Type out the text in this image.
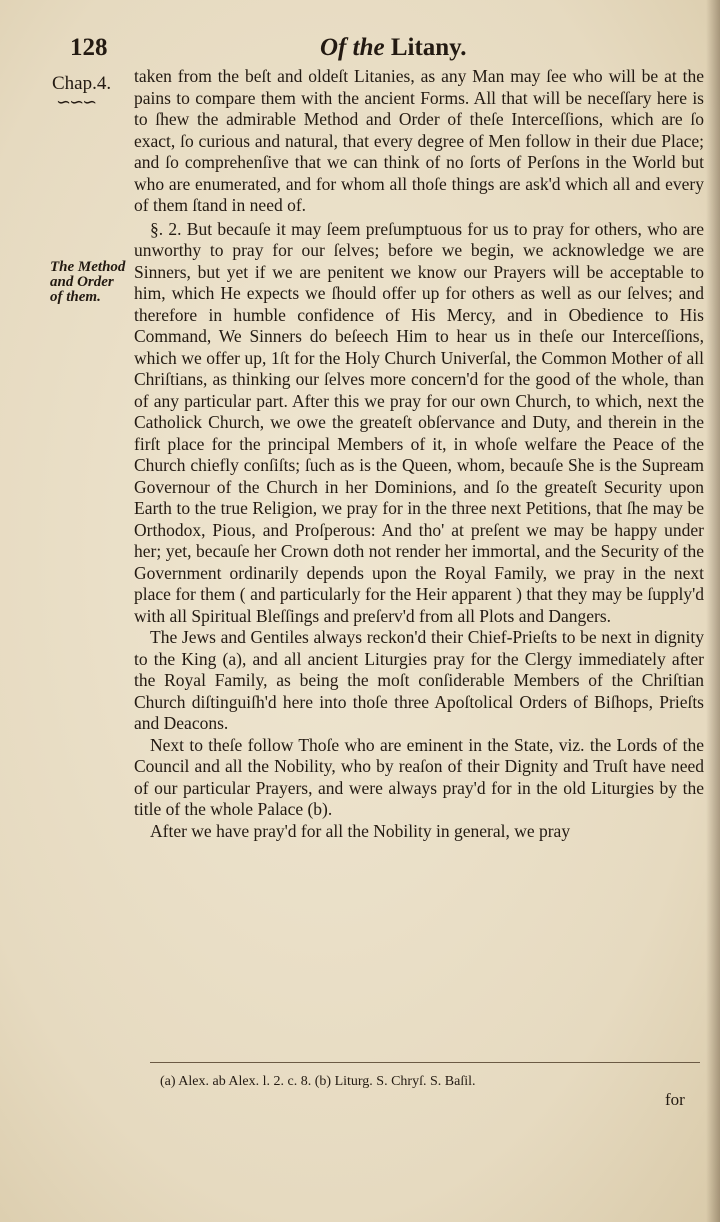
128	Of the Litany.
Chap.4.
∽∽∽
The Method
and Order
of them.

taken from the beſt and oldeſt Litanies, as any Man may ſee who will be at the pains to compare them with the ancient Forms. All that will be neceſſary here is to ſhew the admirable Method and Order of theſe Interceſſions, which are ſo exact, ſo curious and natural, that every degree of Men follow in their due Place; and ſo comprehenſive that we can think of no ſorts of Perſons in the World but who are enumerated, and for whom all thoſe things are ask'd which all and every of them ſtand in need of.

§. 2. But becauſe it may ſeem preſumptuous for us to pray for others, who are unworthy to pray for our ſelves; before we begin, we acknowledge we are Sinners, but yet if we are penitent we know our Prayers will be acceptable to him, which He expects we ſhould offer up for others as well as our ſelves; and therefore in humble confidence of His Mercy, and in Obedience to His Command, We Sinners do beſeech Him to hear us in theſe our Interceſſions, which we offer up, 1ſt for the Holy Church Univerſal, the Common Mother of all Chriſtians, as thinking our ſelves more concern'd for the good of the whole, than of any particular part. After this we pray for our own Church, to which, next the Catholick Church, we owe the greateſt obſervance and Duty, and therein in the firſt place for the principal Members of it, in whoſe welfare the Peace of the Church chiefly conſiſts; ſuch as is the Queen, whom, becauſe She is the Supream Governour of the Church in her Dominions, and ſo the greateſt Security upon Earth to the true Religion, we pray for in the three next Petitions, that ſhe may be Orthodox, Pious, and Proſperous: And tho' at preſent we may be happy under her; yet, becauſe her Crown doth not render her immortal, and the Security of the Government ordinarily depends upon the Royal Family, we pray in the next place for them ( and particularly for the Heir apparent ) that they may be ſupply'd with all Spiritual Bleſſings and preſerv'd from all Plots and Dangers.

The Jews and Gentiles always reckon'd their Chief-Prieſts to be next in dignity to the King (a), and all ancient Liturgies pray for the Clergy immediately after the Royal Family, as being the moſt conſiderable Members of the Chriſtian Church diſtinguiſh'd here into thoſe three Apoſtolical Orders of Biſhops, Prieſts and Deacons.

Next to theſe follow Thoſe who are eminent in the State, viz. the Lords of the Council and all the Nobility, who by reaſon of their Dignity and Truſt have need of our particular Prayers, and were always pray'd for in the old Liturgies by the title of the whole Palace (b).

After we have pray'd for all the Nobility in general, we pray

(a) Alex. ab Alex. l. 2. c. 8. (b) Liturg. S. Chryſ. S. Baſil.
for
